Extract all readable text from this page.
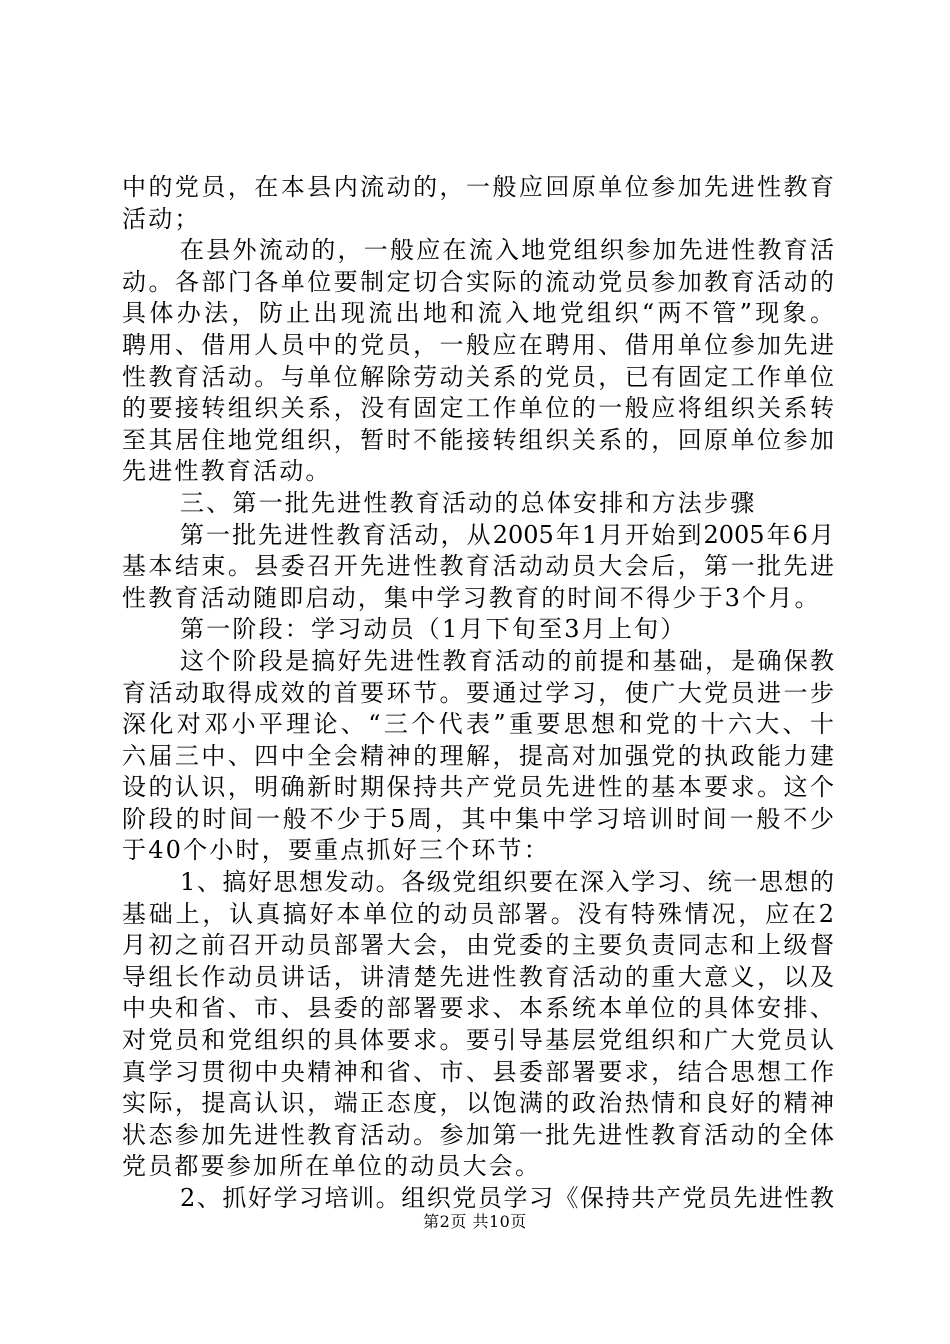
中的党员，在本县内流动的，一般应回原单位参加先进性教育
活动；
在县外流动的，一般应在流入地党组织参加先进性教育活
动。各部门各单位要制定切合实际的流动党员参加教育活动的
具体办法，防止出现流出地和流入地党组织“两不管”现象。
聘用、借用人员中的党员，一般应在聘用、借用单位参加先进
性教育活动。与单位解除劳动关系的党员，已有固定工作单位
的要接转组织关系，没有固定工作单位的一般应将组织关系转
至其居住地党组织，暂时不能接转组织关系的，回原单位参加
先进性教育活动。
三、第一批先进性教育活动的总体安排和方法步骤
第一批先进性教育活动，从2005年1月开始到2005年6月
基本结束。县委召开先进性教育活动动员大会后，第一批先进
性教育活动随即启动，集中学习教育的时间不得少于3个月。
第一阶段：学习动员（1月下旬至3月上旬）
这个阶段是搞好先进性教育活动的前提和基础，是确保教
育活动取得成效的首要环节。要通过学习，使广大党员进一步
深化对邓小平理论、“三个代表”重要思想和党的十六大、十
六届三中、四中全会精神的理解，提高对加强党的执政能力建
设的认识，明确新时期保持共产党员先进性的基本要求。这个
阶段的时间一般不少于5周，其中集中学习培训时间一般不少
于40个小时，要重点抓好三个环节：
1、搞好思想发动。各级党组织要在深入学习、统一思想的
基础上，认真搞好本单位的动员部署。没有特殊情况，应在2
月初之前召开动员部署大会，由党委的主要负责同志和上级督
导组长作动员讲话，讲清楚先进性教育活动的重大意义，以及
中央和省、市、县委的部署要求、本系统本单位的具体安排、
对党员和党组织的具体要求。要引导基层党组织和广大党员认
真学习贯彻中央精神和省、市、县委部署要求，结合思想工作
实际，提高认识，端正态度，以饱满的政治热情和良好的精神
状态参加先进性教育活动。参加第一批先进性教育活动的全体
党员都要参加所在单位的动员大会。
2、抓好学习培训。组织党员学习《保持共产党员先进性教
第2页 共10页
